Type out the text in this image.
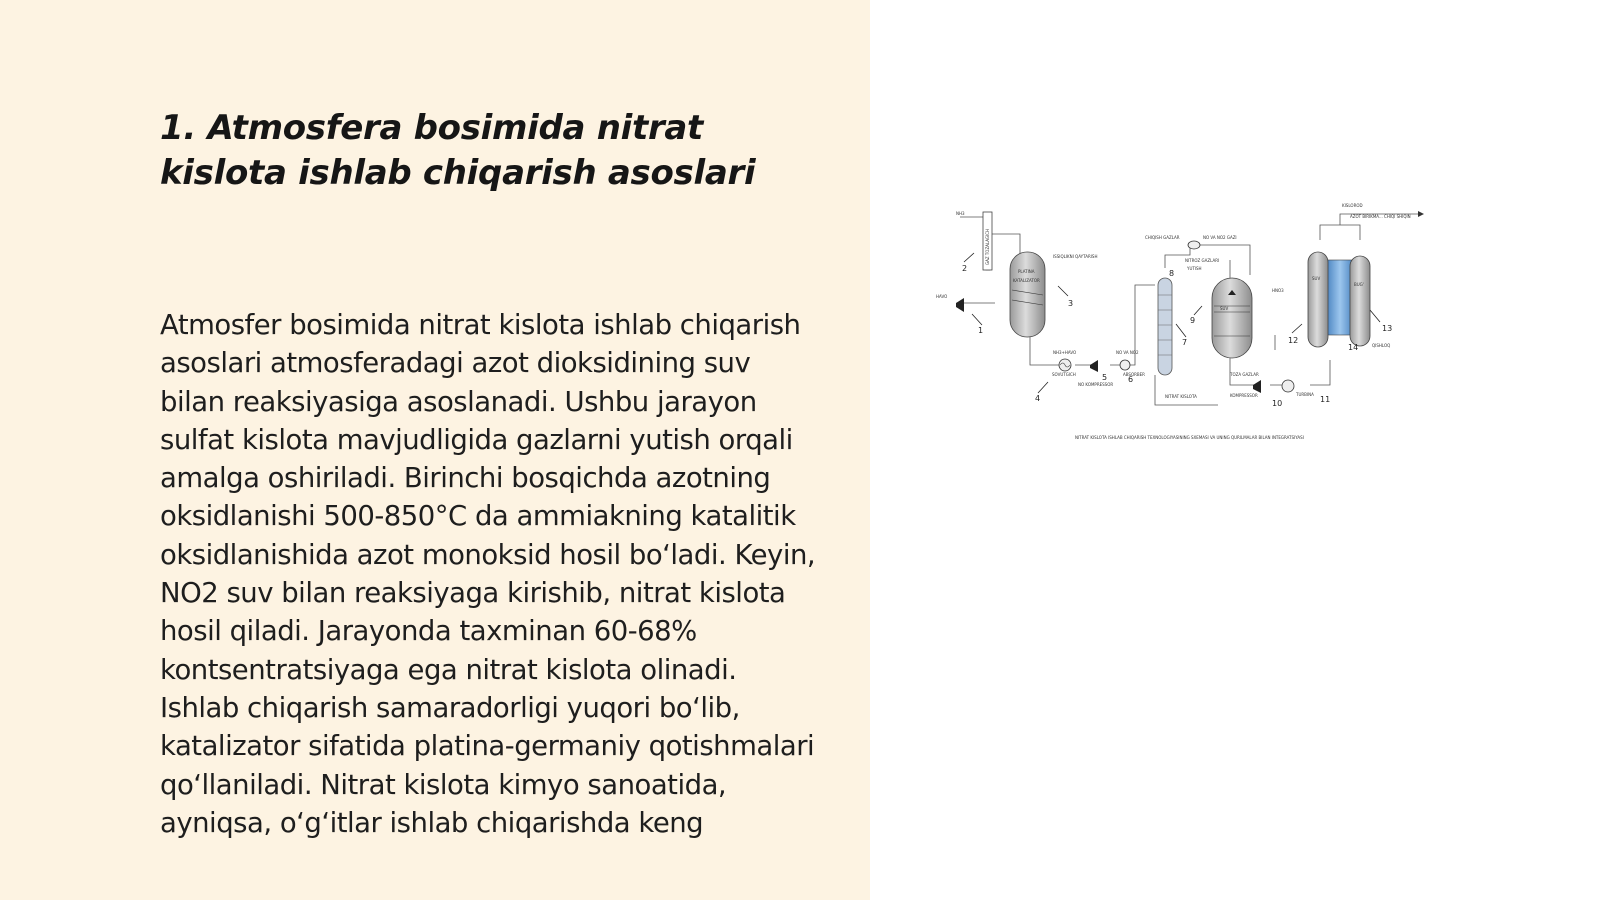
1. Atmosfera bosimida nitrat kislota ishlab chiqarish asoslari

Atmosfer bosimida nitrat kislota ishlab chiqarish asoslari atmosferadagi azot dioksidining suv bilan reaksiyasiga asoslanadi. Ushbu jarayon sulfat kislota mavjudligida gazlarni yutish orqali amalga oshiriladi. Birinchi bosqichda azotning oksidlanishi 500-850°C da ammiakning katalitik oksidlanishida azot monoksid hosil bo‘ladi. Keyin, NO2 suv bilan reaksiyaga kirishib, nitrat kislota hosil qiladi. Jarayonda taxminan 60-68% kontsentratsiyaga ega nitrat kislota olinadi. Ishlab chiqarish samaradorligi yuqori bo‘lib, katalizator sifatida platina-germaniy qotishmalari qo‘llaniladi. Nitrat kislota kimyo sanoatida, ayniqsa, o‘g‘itlar ishlab chiqarishda keng

GAZ TOZALAGICH
NH3
HAVO
PLATINA
KATALIZATOR
ISSIQLIKNI QAYTARISH
NH3+HAVO
SOVUTGICH
NO KOMPRESSOR
NO VA NO2
ABSORBER
NITRAT KISLOTA
CHIQISH GAZLAR	NO VA NO2 GAZI
NITROZ GAZLARI
YUTISH
SUV
HNO3
TOZA GAZLAR
KOMPRESSOR	TURBINA
SUV
BUG'
QISHLOQ
KISLOROD
AZOT BIRIKMA... CHIQI SHIQIN
1
2
3
4
5	6
7
8
9
10	11
12
13
14
NITRAT KISLOTA ISHLAB CHIQARISH TEXNOLOGIYASINING SXEMASI VA UNING QURILMALAR BILAN INTEGRATSIYASI
